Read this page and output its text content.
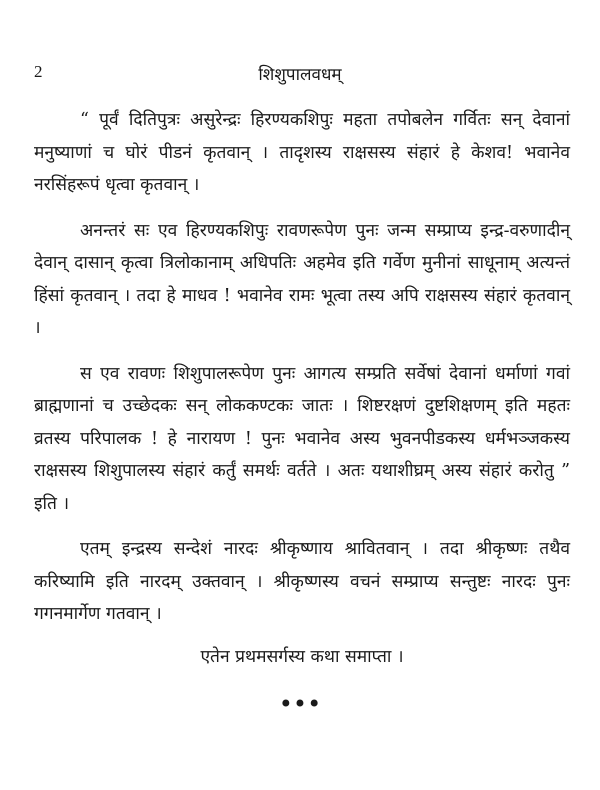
2	शिशुपालवधम्

“ पूर्वं दितिपुत्रः असुरेन्द्रः हिरण्यकशिपुः महता तपोबलेन गर्वितः सन् देवानां मनुष्याणां च घोरं पीडनं कृतवान् । तादृशस्य राक्षसस्य संहारं हे केशव! भवानेव नरसिंहरूपं धृत्वा कृतवान् ।

अनन्तरं सः एव हिरण्यकशिपुः रावणरूपेण पुनः जन्म सम्प्राप्य इन्द्र-वरुणादीन् देवान् दासान् कृत्वा त्रिलोकानाम् अधिपतिः अहमेव इति गर्वेण मुनीनां साधूनाम् अत्यन्तं हिंसां कृतवान् । तदा हे माधव ! भवानेव रामः भूत्वा तस्य अपि राक्षसस्य संहारं कृतवान् ।

स एव रावणः शिशुपालरूपेण पुनः आगत्य सम्प्रति सर्वेषां देवानां धर्माणां गवां ब्राह्मणानां च उच्छेदकः सन् लोककण्टकः जातः । शिष्टरक्षणं दुष्टशिक्षणम् इति महतः व्रतस्य परिपालक ! हे नारायण ! पुनः भवानेव अस्य भुवनपीडकस्य धर्मभञ्जकस्य राक्षसस्य शिशुपालस्य संहारं कर्तुं समर्थः वर्तते । अतः यथाशीघ्रम् अस्य संहारं करोतु ” इति ।

एतम् इन्द्रस्य सन्देशं नारदः श्रीकृष्णाय श्रावितवान् । तदा श्रीकृष्णः तथैव करिष्यामि इति नारदम् उक्तवान् । श्रीकृष्णस्य वचनं सम्प्राप्य सन्तुष्टः नारदः पुनः गगनमार्गेण गतवान् ।

एतेन प्रथमसर्गस्य कथा समाप्ता ।

•••
